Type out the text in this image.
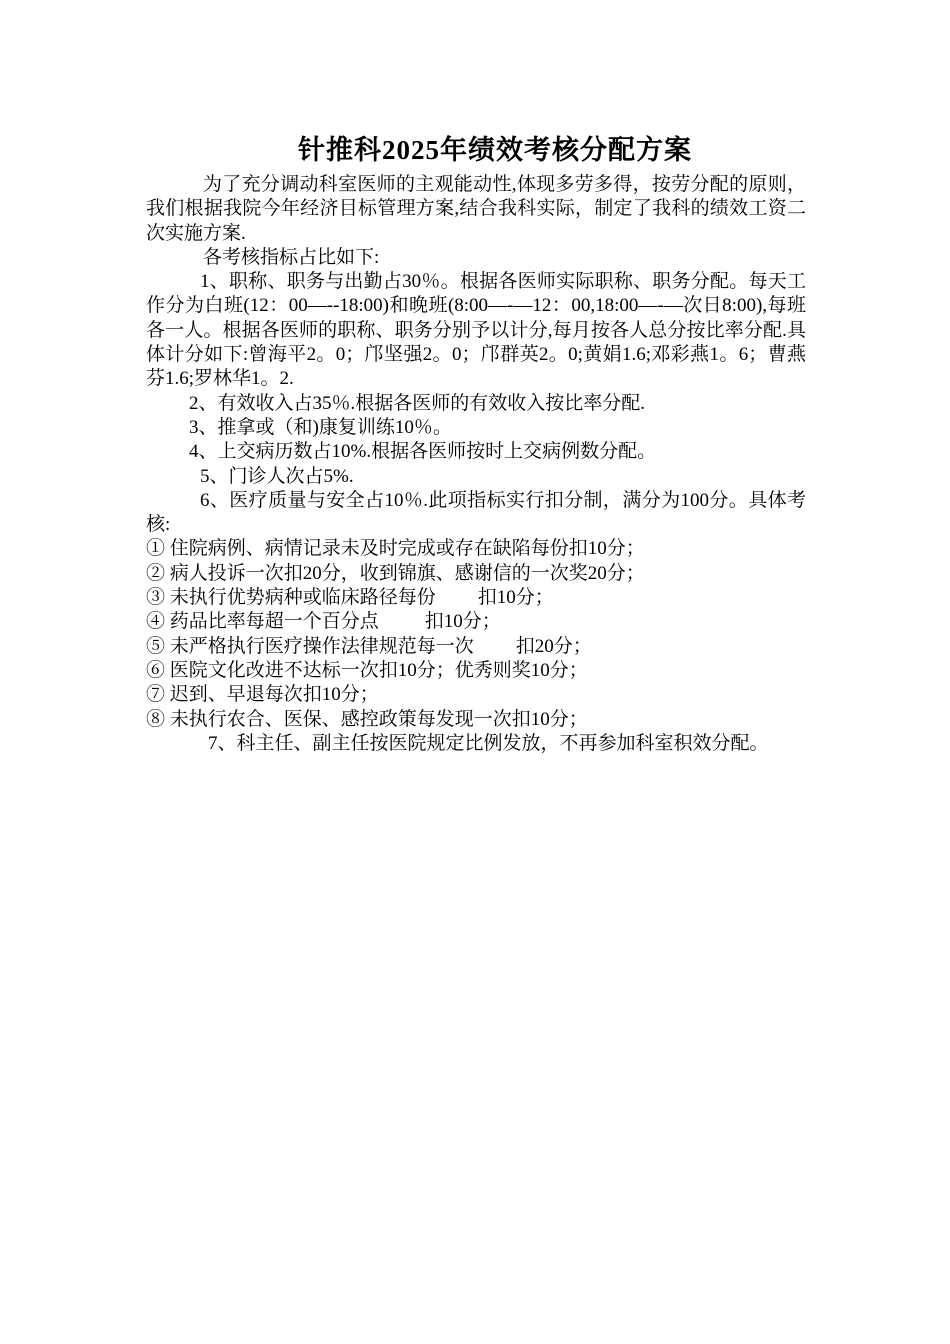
针推科2025年绩效考核分配方案

为了充分调动科室医师的主观能动性,体现多劳多得，按劳分配的原则，我们根据我院今年经济目标管理方案,结合我科实际，制定了我科的绩效工资二次实施方案.

各考核指标占比如下:

1、职称、职务与出勤占30％。根据各医师实际职称、职务分配。每天工作分为白班(12：00—--18:00)和晚班(8:00—-—12：00,18:00—-—次日8:00),每班各一人。根据各医师的职称、职务分别予以计分,每月按各人总分按比率分配.具体计分如下:曾海平2。0；邝坚强2。0；邝群英2。0;黄娟1.6;邓彩燕1。6；曹燕芬1.6;罗林华1。2.

2、有效收入占35％.根据各医师的有效收入按比率分配.

3、推拿或（和)康复训练10％。

4、上交病历数占10%.根据各医师按时上交病例数分配。

5、门诊人次占5%.

6、医疗质量与安全占10％.此项指标实行扣分制，满分为100分。具体考核:

① 住院病例、病情记录未及时完成或存在缺陷每份扣10分；

② 病人投诉一次扣20分，收到锦旗、感谢信的一次奖20分；

③ 未执行优势病种或临床路径每份 扣10分；

④ 药品比率每超一个百分点 扣10分；

⑤ 未严格执行医疗操作法律规范每一次 扣20分；

⑥ 医院文化改进不达标一次扣10分；优秀则奖10分；

⑦ 迟到、早退每次扣10分；

⑧ 未执行农合、医保、感控政策每发现一次扣10分；

7、科主任、副主任按医院规定比例发放，不再参加科室积效分配。
